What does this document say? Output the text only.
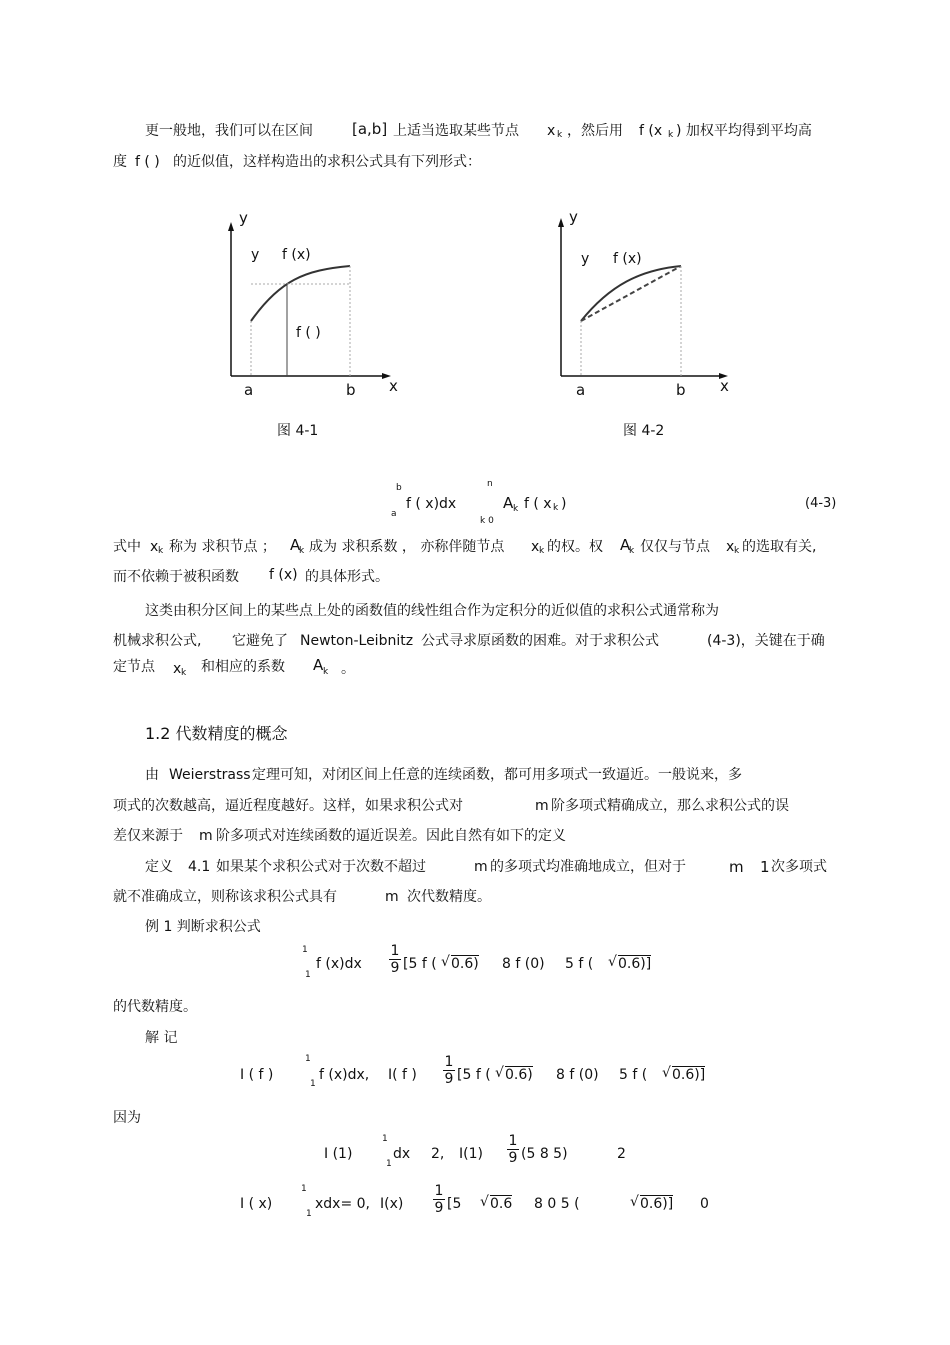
更一般地，我们可以在区间	[a,b] 上适当选取某些节点 x k ，然后用 f (x k ) 加权平均得到平均高
度 f ( ) 的近似值，这样构造出的求积公式具有下列形式：
y
y f (x)
f ( )
a	b x
图 4-1
y
y f (x)
a	b x
图 4-2
b
a
f ( x)dx
n
k 0
A k f ( x k )	(4-3)
式中 x k 称为 求积节点 ； A
k 成为 求积系数 ， 亦称伴随节点 x k 的权。权 A
k 仅仅与节点 x k 的选取有关,
而不依赖于被积函数 f (x) 的具体形式。
这类由积分区间上的某些点上处的函数值的线性组合作为定积分的近似值的求积公式通常称为
机械求积公式, 它避免了 Newton-Leibnitz 公式寻求原函数的困难。对于求积公式	(4-3)，关键在于确
定节点 x k 和相应的系数 A k 。
1.2 代数精度的概念
由 Weierstrass 定理可知，对闭区间上任意的连续函数，都可用多项式一致逼近。一般说来，多
项式的次数越高，逼近程度越好。这样，如果求积公式对	m 阶多项式精确成立，那么求积公式的误
差仅来源于 m 阶多项式对连续函数的逼近误差。因此自然有如下的定义
定义 4.1 如果某个求积公式对于次数不超过	m 的多项式均准确地成立，但对于	m 1 次多项式
就不准确成立，则称该求积公式具有	m 次代数精度。
例 1 判断求积公式
1
1
f (x)dx
1
9 [5 f ( √ 0.6) 8 f (0) 5 f ( √ 0.6)]
的代数精度。
解 记
I ( f )
1
1
f (x)dx, I( f )
1
9 [5 f ( √ 0.6) 8 f (0) 5 f ( √ 0.6)]
因为
I (1)
1
1
dx 2, I(1)
1
9 (5 8 5)	2
I ( x)
1
1
xdx= 0, I(x)
1
9 [5 √ 0.6 8 0 5 (	√ 0.6)] 0
